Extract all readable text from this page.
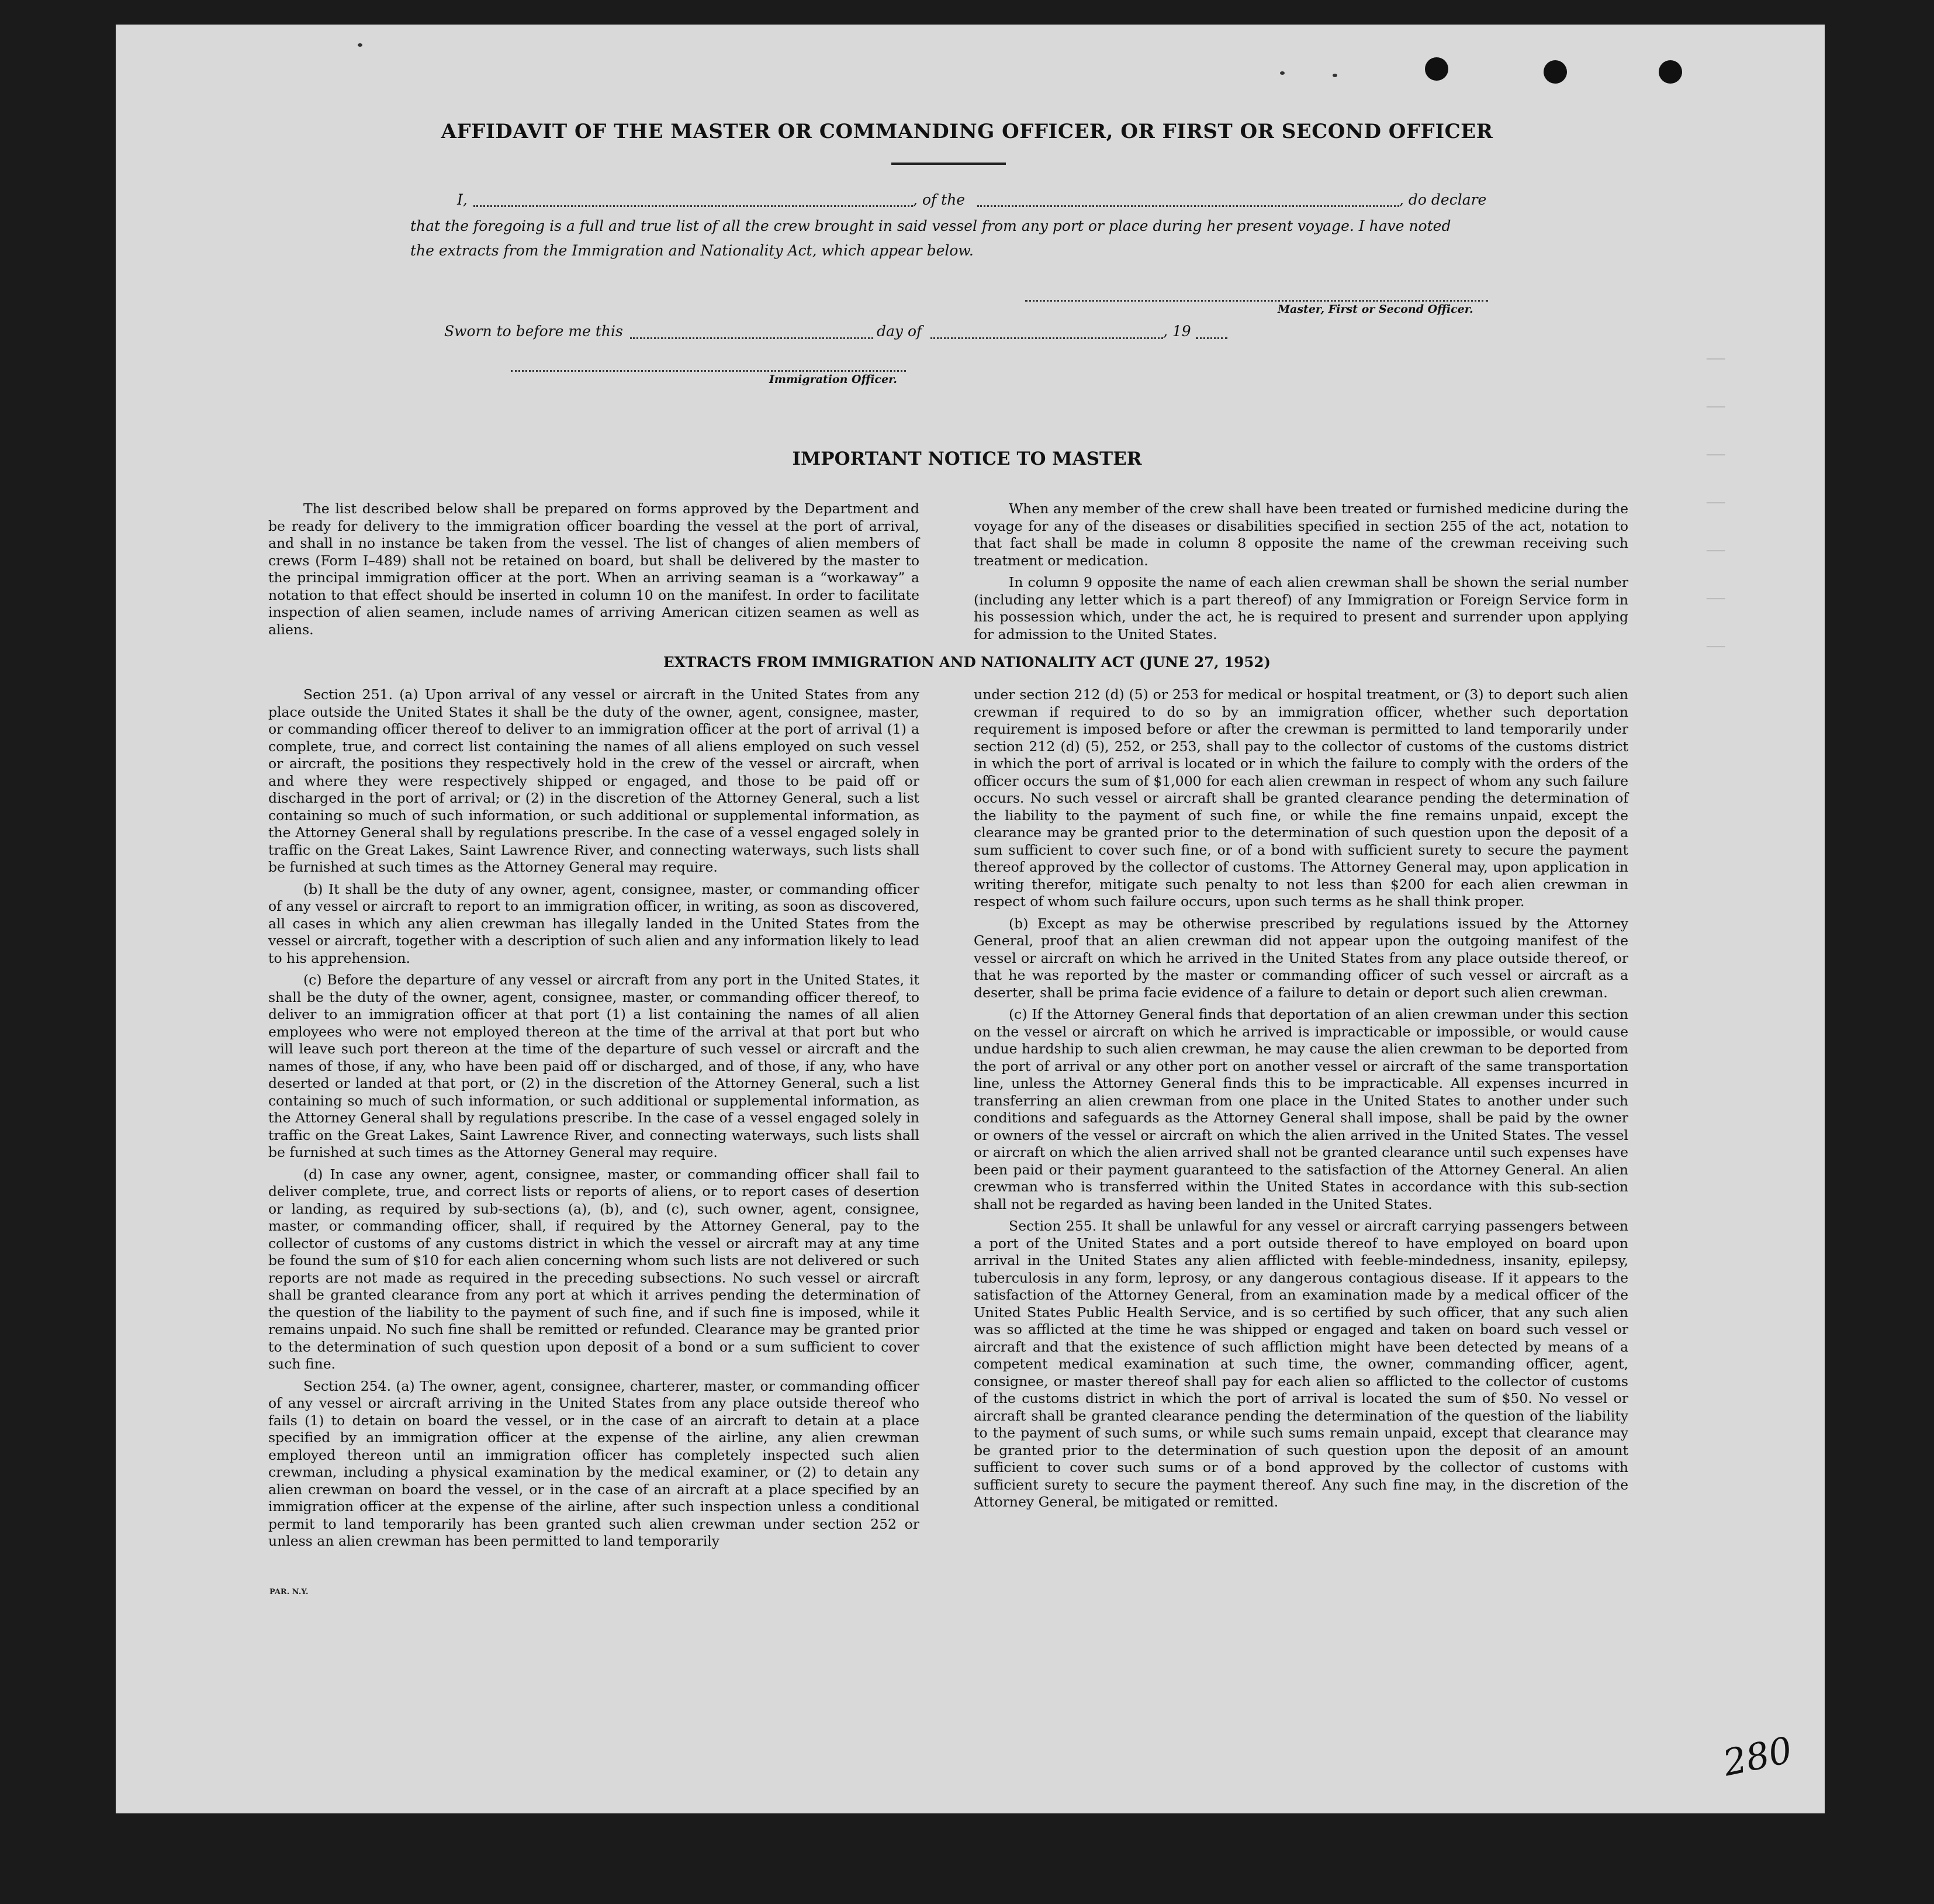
──
──
──
──
──
──
──
AFFIDAVIT OF THE MASTER OR COMMANDING OFFICER, OR FIRST OR SECOND OFFICER
I,	, of the	, do declare
that the foregoing is a full and true list of all the crew brought in said vessel from any port or place during her present voyage. I have noted
the extracts from the Immigration and Nationality Act, which appear below.
Master, First or Second Officer.
Sworn to before me this	day of	, 19
Immigration Officer.
IMPORTANT NOTICE TO MASTER

The list described below shall be prepared on forms approved by the Department and be ready for delivery to the immigration officer boarding the vessel at the port of arrival, and shall in no instance be taken from the vessel. The list of changes of alien members of crews (Form I–489) shall not be retained on board, but shall be delivered by the master to the principal immigration officer at the port. When an arriving seaman is a “workaway” a notation to that effect should be inserted in column 10 on the manifest. In order to facilitate inspection of alien seamen, include names of arriving American citizen seamen as well as aliens.

When any member of the crew shall have been treated or furnished medicine during the voyage for any of the diseases or disabilities specified in section 255 of the act, notation to that fact shall be made in column 8 opposite the name of the crewman receiving such treatment or medication.

In column 9 opposite the name of each alien crewman shall be shown the serial number (including any letter which is a part thereof) of any Immigration or Foreign Service form in his possession which, under the act, he is required to present and surrender upon applying for admission to the United States.

EXTRACTS FROM IMMIGRATION AND NATIONALITY ACT (JUNE 27, 1952)

Section 251. (a) Upon arrival of any vessel or aircraft in the United States from any place outside the United States it shall be the duty of the owner, agent, consignee, master, or commanding officer thereof to deliver to an immigration officer at the port of arrival (1) a complete, true, and correct list containing the names of all aliens employed on such vessel or aircraft, the positions they respectively hold in the crew of the vessel or aircraft, when and where they were respectively shipped or engaged, and those to be paid off or discharged in the port of arrival; or (2) in the discretion of the Attorney General, such a list containing so much of such information, or such additional or supplemental information, as the Attorney General shall by regulations prescribe. In the case of a vessel engaged solely in traffic on the Great Lakes, Saint Lawrence River, and connecting waterways, such lists shall be furnished at such times as the Attorney General may require.

(b) It shall be the duty of any owner, agent, consignee, master, or commanding officer of any vessel or aircraft to report to an immigration officer, in writing, as soon as discovered, all cases in which any alien crewman has illegally landed in the United States from the vessel or aircraft, together with a description of such alien and any information likely to lead to his apprehension.

(c) Before the departure of any vessel or aircraft from any port in the United States, it shall be the duty of the owner, agent, consignee, master, or commanding officer thereof, to deliver to an immigration officer at that port (1) a list containing the names of all alien employees who were not employed thereon at the time of the arrival at that port but who will leave such port thereon at the time of the departure of such vessel or aircraft and the names of those, if any, who have been paid off or discharged, and of those, if any, who have deserted or landed at that port, or (2) in the discretion of the Attorney General, such a list containing so much of such information, or such additional or supplemental information, as the Attorney General shall by regulations prescribe. In the case of a vessel engaged solely in traffic on the Great Lakes, Saint Lawrence River, and connecting waterways, such lists shall be furnished at such times as the Attorney General may require.

(d) In case any owner, agent, consignee, master, or commanding officer shall fail to deliver complete, true, and correct lists or reports of aliens, or to report cases of desertion or landing, as required by sub-sections (a), (b), and (c), such owner, agent, consignee, master, or commanding officer, shall, if required by the Attorney General, pay to the collector of customs of any customs district in which the vessel or aircraft may at any time be found the sum of $10 for each alien concerning whom such lists are not delivered or such reports are not made as required in the preceding subsections. No such vessel or aircraft shall be granted clearance from any port at which it arrives pending the determination of the question of the liability to the payment of such fine, and if such fine is imposed, while it remains unpaid. No such fine shall be remitted or refunded. Clearance may be granted prior to the determination of such question upon deposit of a bond or a sum sufficient to cover such fine.

Section 254. (a) The owner, agent, consignee, charterer, master, or commanding officer of any vessel or aircraft arriving in the United States from any place outside thereof who fails (1) to detain on board the vessel, or in the case of an aircraft to detain at a place specified by an immigration officer at the expense of the airline, any alien crewman employed thereon until an immigration officer has completely inspected such alien crewman, including a physical examination by the medical examiner, or (2) to detain any alien crewman on board the vessel, or in the case of an aircraft at a place specified by an immigration officer at the expense of the airline, after such inspection unless a conditional permit to land temporarily has been granted such alien crewman under section 252 or unless an alien crewman has been permitted to land temporarily

under section 212 (d) (5) or 253 for medical or hospital treatment, or (3) to deport such alien crewman if required to do so by an immigration officer, whether such deportation requirement is imposed before or after the crewman is permitted to land temporarily under section 212 (d) (5), 252, or 253, shall pay to the collector of customs of the customs district in which the port of arrival is located or in which the failure to comply with the orders of the officer occurs the sum of $1,000 for each alien crewman in respect of whom any such failure occurs. No such vessel or aircraft shall be granted clearance pending the determination of the liability to the payment of such fine, or while the fine remains unpaid, except the clearance may be granted prior to the determination of such question upon the deposit of a sum sufficient to cover such fine, or of a bond with sufficient surety to secure the payment thereof approved by the collector of customs. The Attorney General may, upon application in writing therefor, mitigate such penalty to not less than $200 for each alien crewman in respect of whom such failure occurs, upon such terms as he shall think proper.

(b) Except as may be otherwise prescribed by regulations issued by the Attorney General, proof that an alien crewman did not appear upon the outgoing manifest of the vessel or aircraft on which he arrived in the United States from any place outside thereof, or that he was reported by the master or commanding officer of such vessel or aircraft as a deserter, shall be prima facie evidence of a failure to detain or deport such alien crewman.

(c) If the Attorney General finds that deportation of an alien crewman under this section on the vessel or aircraft on which he arrived is impracticable or impossible, or would cause undue hardship to such alien crewman, he may cause the alien crewman to be deported from the port of arrival or any other port on another vessel or aircraft of the same transportation line, unless the Attorney General finds this to be impracticable. All expenses incurred in transferring an alien crewman from one place in the United States to another under such conditions and safeguards as the Attorney General shall impose, shall be paid by the owner or owners of the vessel or aircraft on which the alien arrived in the United States. The vessel or aircraft on which the alien arrived shall not be granted clearance until such expenses have been paid or their payment guaranteed to the satisfaction of the Attorney General. An alien crewman who is transferred within the United States in accordance with this sub-section shall not be regarded as having been landed in the United States.

Section 255. It shall be unlawful for any vessel or aircraft carrying passengers between a port of the United States and a port outside thereof to have employed on board upon arrival in the United States any alien afflicted with feeble-mindedness, insanity, epilepsy, tuberculosis in any form, leprosy, or any dangerous contagious disease. If it appears to the satisfaction of the Attorney General, from an examination made by a medical officer of the United States Public Health Service, and is so certified by such officer, that any such alien was so afflicted at the time he was shipped or engaged and taken on board such vessel or aircraft and that the existence of such affliction might have been detected by means of a competent medical examination at such time, the owner, commanding officer, agent, consignee, or master thereof shall pay for each alien so afflicted to the collector of customs of the customs district in which the port of arrival is located the sum of $50. No vessel or aircraft shall be granted clearance pending the determination of the question of the liability to the payment of such sums, or while such sums remain unpaid, except that clearance may be granted prior to the determination of such question upon the deposit of an amount sufficient to cover such sums or of a bond approved by the collector of customs with sufficient surety to secure the payment thereof. Any such fine may, in the discretion of the Attorney General, be mitigated or remitted.

PAR. N.Y.
280
